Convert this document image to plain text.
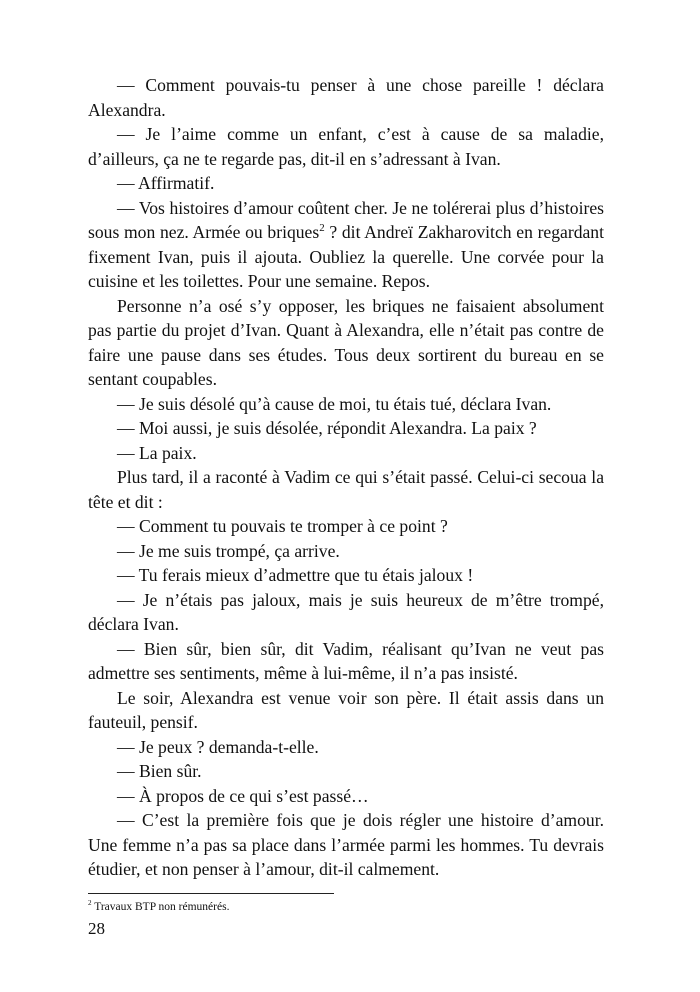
— Comment pouvais-tu penser à une chose pareille ! déclara Alexandra.

— Je l’aime comme un enfant, c’est à cause de sa maladie, d’ailleurs, ça ne te regarde pas, dit-il en s’adressant à Ivan.

— Affirmatif.

— Vos histoires d’amour coûtent cher. Je ne tolérerai plus d’histoires sous mon nez. Armée ou briques$^2$ ? dit Andreï Zakharovitch en regardant fixement Ivan, puis il ajouta. Oubliez la querelle. Une corvée pour la cuisine et les toilettes. Pour une semaine. Repos.

Personne n’a osé s’y opposer, les briques ne faisaient absolument pas partie du projet d’Ivan. Quant à Alexandra, elle n’était pas contre de faire une pause dans ses études. Tous deux sortirent du bureau en se sentant coupables.

— Je suis désolé qu’à cause de moi, tu étais tué, déclara Ivan.

— Moi aussi, je suis désolée, répondit Alexandra. La paix ?

— La paix.

Plus tard, il a raconté à Vadim ce qui s’était passé. Celui-ci secoua la tête et dit :

— Comment tu pouvais te tromper à ce point ?

— Je me suis trompé, ça arrive.

— Tu ferais mieux d’admettre que tu étais jaloux !

— Je n’étais pas jaloux, mais je suis heureux de m’être trompé, déclara Ivan.

— Bien sûr, bien sûr, dit Vadim, réalisant qu’Ivan ne veut pas admettre ses sentiments, même à lui-même, il n’a pas insisté.

Le soir, Alexandra est venue voir son père. Il était assis dans un fauteuil, pensif.

— Je peux ? demanda-t-elle.

— Bien sûr.

— À propos de ce qui s’est passé…

— C’est la première fois que je dois régler une histoire d’amour. Une femme n’a pas sa place dans l’armée parmi les hommes. Tu devrais étudier, et non penser à l’amour, dit-il calmement.

$^2$ Travaux BTP non rémunérés.
28
